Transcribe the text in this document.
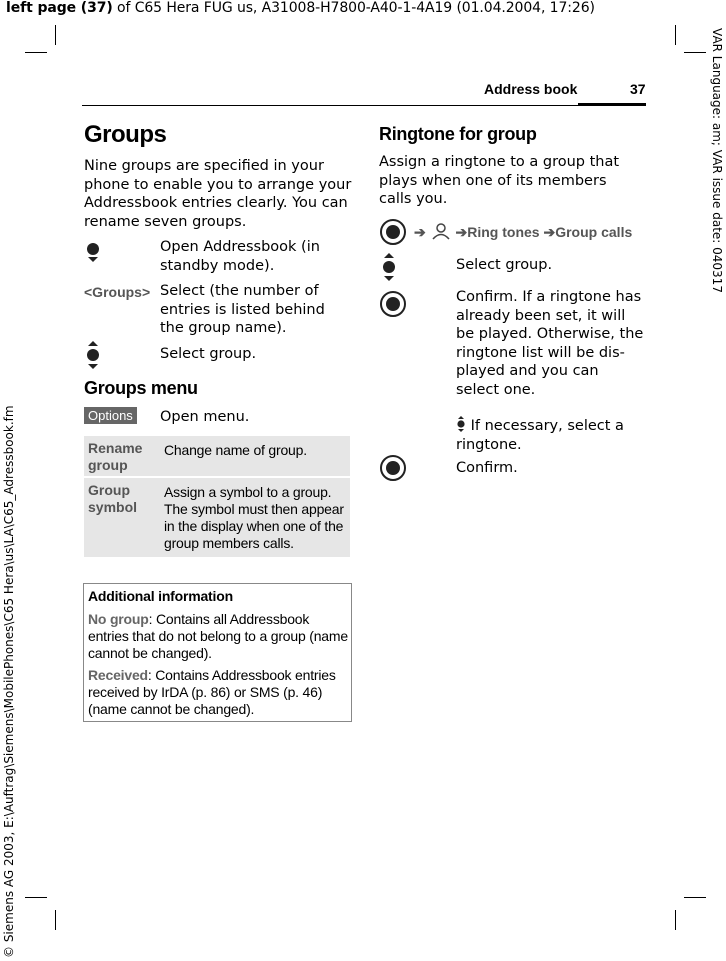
left page (37) of C65 Hera FUG us, A31008-H7800-A40-1-4A19 (01.04.2004, 17:26)
VAR Language: am; VAR issue date: 040317
© Siemens AG 2003, E:\Auftrag\Siemens\MobilePhones\C65 Hera\us\LA\C65_Adressbook.fm
Address book	37
Groups
Nine groups are specified in your phone to enable you to arrange your Addressbook entries clearly. You can rename seven groups.
Open Addressbook (in standby mode).
<Groups> Select (the number of entries is listed behind the group name).
Select group.
Groups menu
Options Open menu.
Rename group
Change name of group.
Group symbol
Assign a symbol to a group. The symbol must then appear in the display when one of the group members calls.
Additional information
No group: Contains all Addressbook entries that do not belong to a group (name cannot be changed).
Received: Contains Addressbook entries received by IrDA (p. 86) or SMS (p. 46) (name cannot be changed).
Ringtone for group
Assign a ringtone to a group that plays when one of its members calls you.
➔ ➔Ring tones ➔Group calls
Select group.
Confirm. If a ringtone has already been set, it will be played. Otherwise, the ringtone list will be dis-played and you can select one.
If necessary, select a ringtone.
Confirm.
